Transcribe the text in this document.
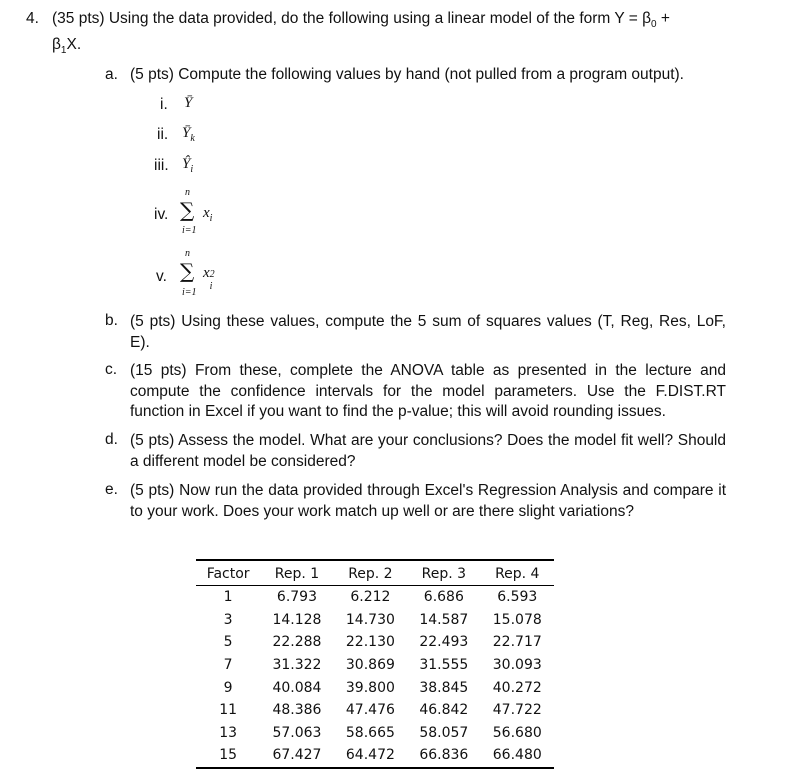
4. (35 pts) Using the data provided, do the following using a linear model of the form $Y = \beta_0$ +
$\beta_1X$.
a. (5 pts) Compute the following values by hand (not pulled from a program output).
i. Ȳ
ii. $Ȳ_k$
iii. $Ŷ_i$
iv.
n
∑
i=1
$x_i$
v.
n
∑
i=1
x 2
i
b. (5 pts) Using these values, compute the 5 sum of squares values (T, Reg, Res, LoF, E).
c. (15 pts) From these, complete the ANOVA table as presented in the lecture and compute the confidence intervals for the model parameters. Use the F.DIST.RT function in Excel if you want to find the p-value; this will avoid rounding issues.
d. (5 pts) Assess the model. What are your conclusions? Does the model fit well? Should a different model be considered?
e. (5 pts) Now run the data provided through Excel's Regression Analysis and compare it to your work. Does your work match up well or are there slight variations?
Factor	Rep. 1	Rep. 2	Rep. 3	Rep. 4
1	6.793	6.212	6.686	6.593
3	14.128	14.730	14.587	15.078
5	22.288	22.130	22.493	22.717
7	31.322	30.869	31.555	30.093
9	40.084	39.800	38.845	40.272
11	48.386	47.476	46.842	47.722
13	57.063	58.665	58.057	56.680
15	67.427	64.472	66.836	66.480
